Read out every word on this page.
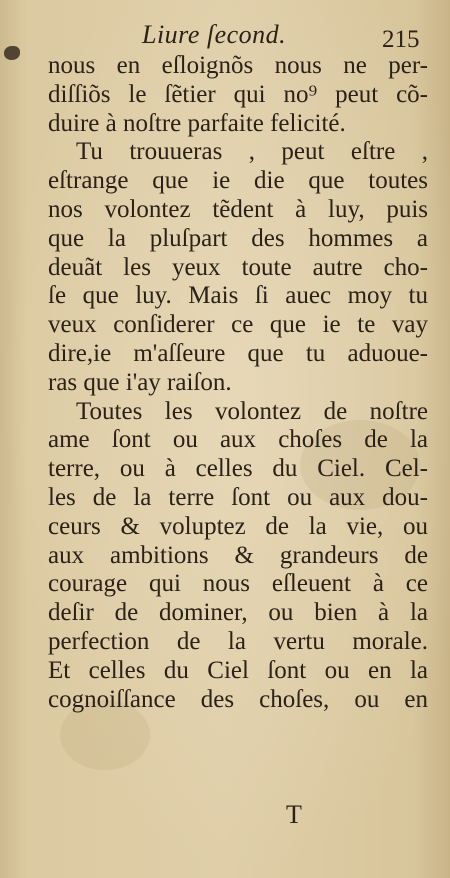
Liure ſecond.	215
nous en eſloignõs nous ne per-
diſſiõs le ſẽtier qui no⁹ peut cõ-
duire à noſtre parfaite felicité.
Tu trouueras , peut eſtre ,
eſtrange que ie die que toutes
nos volontez tẽdent à luy, puis
que la pluſpart des hommes a
deuãt les yeux toute autre cho-
ſe que luy. Mais ſi auec moy tu
veux conſiderer ce que ie te vay
dire,ie m'aſſeure que tu aduoue-
ras que i'ay raiſon.
Toutes les volontez de noſtre
ame ſont ou aux choſes de la
terre, ou à celles du Ciel. Cel-
les de la terre ſont ou aux dou-
ceurs & voluptez de la vie, ou
aux ambitions & grandeurs de
courage qui nous eſleuent à ce
deſir de dominer, ou bien à la
perfection de la vertu morale.
Et celles du Ciel ſont ou en la
cognoiſſance des choſes, ou en
T
